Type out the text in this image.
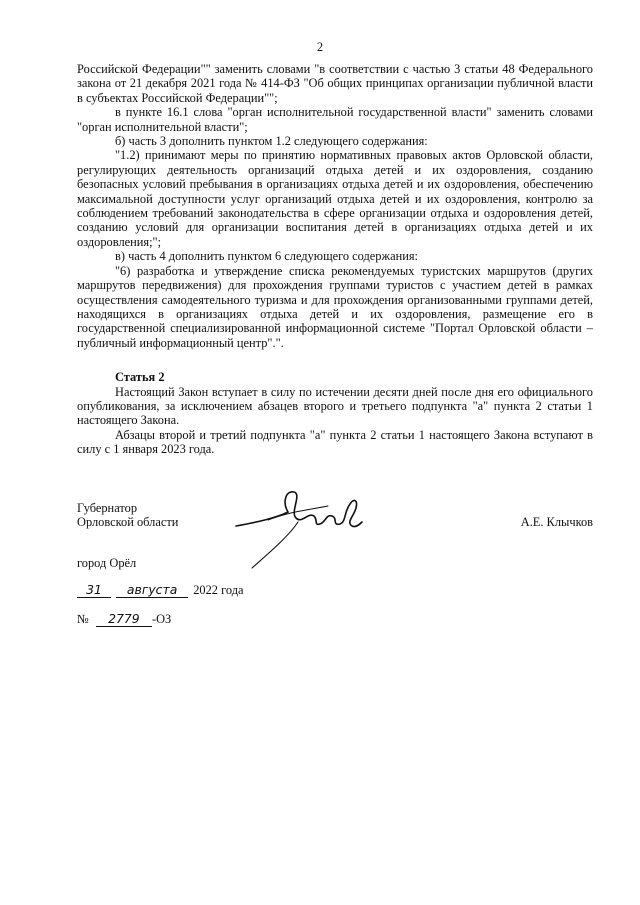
2

Российской Федерации"" заменить словами "в соответствии с частью 3 статьи 48 Федерального закона от 21 декабря 2021 года № 414-ФЗ "Об общих принципах организации публичной власти в субъектах Российской Федерации"";

в пункте 16.1 слова "орган исполнительной государственной власти" заменить словами "орган исполнительной власти";

б) часть 3 дополнить пунктом 1.2 следующего содержания:

"1.2) принимают меры по принятию нормативных правовых актов Орловской области, регулирующих деятельность организаций отдыха детей и их оздоровления, созданию безопасных условий пребывания в организациях отдыха детей и их оздоровления, обеспечению максимальной доступности услуг организаций отдыха детей и их оздоровления, контролю за соблюдением требований законодательства в сфере организации отдыха и оздоровления детей, созданию условий для организации воспитания детей в организациях отдыха детей и их оздоровления;";

в) часть 4 дополнить пунктом 6 следующего содержания:

"6) разработка и утверждение списка рекомендуемых туристских маршрутов (других маршрутов передвижения) для прохождения группами туристов с участием детей в рамках осуществления самодеятельного туризма и для прохождения организованными группами детей, находящихся в организациях отдыха детей и их оздоровления, размещение его в государственной специализированной информационной системе "Портал Орловской области – публичный информационный центр".".

Статья 2

Настоящий Закон вступает в силу по истечении десяти дней после дня его официального опубликования, за исключением абзацев второго и третьего подпункта "а" пункта 2 статьи 1 настоящего Закона.

Абзацы второй и третий подпункта "а" пункта 2 статьи 1 настоящего Закона вступают в силу с 1 января 2023 года.

Губернатор
Орловской области	А.Е. Клычков
город Орёл
31 августа 2022 года
№ 2779 -ОЗ
